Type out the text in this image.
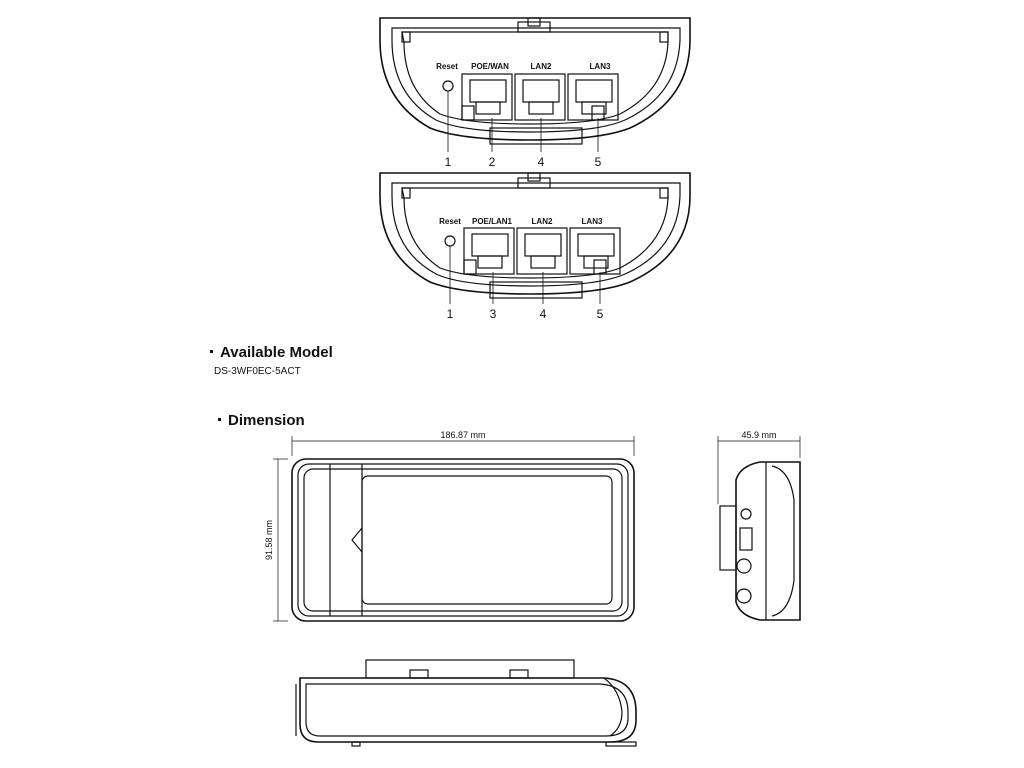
Reset POE/WAN	LAN2	LAN3
1	2	4	5
Reset POE/LAN1 LAN2	LAN3
1	3	4	5
186.87 mm	45.9 mm
91.58 mm
Available Model
DS-3WF0EC-5ACT
Dimension
